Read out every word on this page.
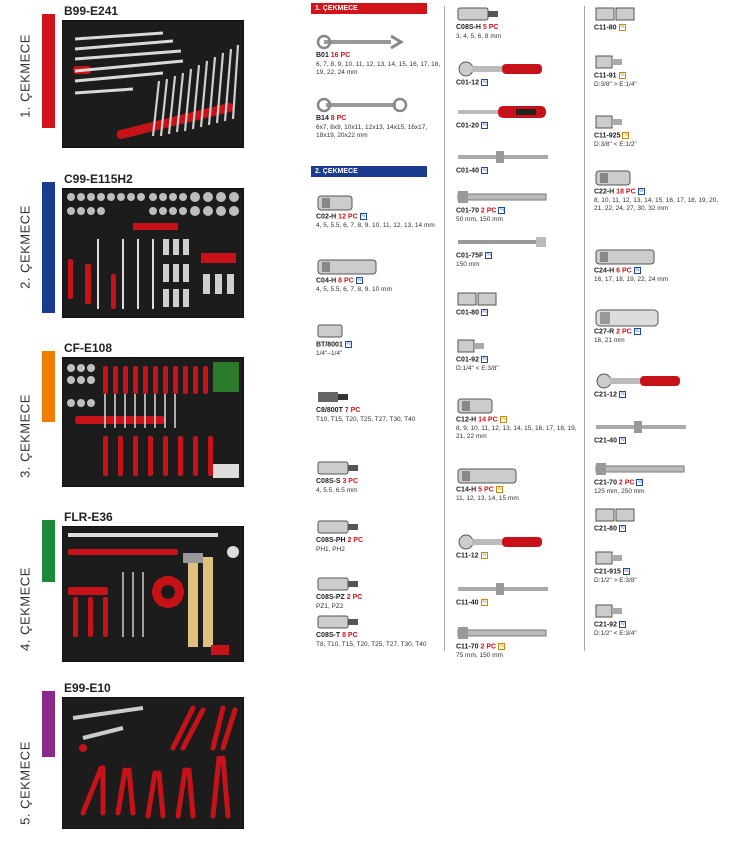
1. ÇEKMECE
B99-E241
2. ÇEKMECE
C99-E115H2
3. ÇEKMECE
CF-E108
4. ÇEKMECE
FLR-E36
5. ÇEKMECE
E99-E10
1. ÇEKMECE
2. ÇEKMECE
B01 16 PC
6, 7, 8, 9, 10, 11, 12, 13, 14, 15, 16, 17, 18, 19, 22, 24 mm
B14 8 PC
6x7, 8x9, 10x11, 12x13, 14x15, 16x17, 18x19, 20x22 mm
C02-H 12 PC ¼
4, 5, 5.5, 6, 7, 8, 9, 10, 11, 12, 13, 14 mm
C04-H 8 PC ¼
4, 5, 5.5, 6, 7, 8, 9, 10 mm
BT/8001 ¼
1/4"–1/4"
C8/800T 7 PC
T10, T15, T20, T25, T27, T30, T40
C08S-S 3 PC
4, 5.5, 6.5 mm
C08S-PH 2 PC
PH1, PH2
C08S-PZ 2 PC
PZ1, PZ2
C08S-T 8 PC
T8, T10, T15, T20, T25, T27, T30, T40
C08S-H 5 PC
3, 4, 5, 6, 8 mm
C01-12 ¼
C01-20 ¼
C01-40 ¼
C01-70 2 PC ¼
50 mm, 150 mm
C01-75F ¼
150 mm
C01-80 ¼
C01-92 ¼
D:1/4" < E:3/8"
C12-H 14 PC ⅜
8, 9, 10, 11, 12, 13, 14, 15, 16, 17, 18, 19, 21, 22 mm
C14-H 5 PC ⅜
11, 12, 13, 14, 15 mm
C11-12 ⅜
C11-40 ⅜
C11-70 2 PC ⅜
75 mm, 150 mm
C11-80 ⅜
C11-91 ⅜
D:3/8" > E:1/4"
C11-925 ⅜
D:3/8" < E:1/2"
C22-H 18 PC ½
8, 10, 11, 12, 13, 14, 15, 16, 17, 18, 19, 20, 21, 22, 24, 27, 30, 32 mm
C24-H 6 PC ½
16, 17, 18, 19, 22, 24 mm
C27-R 2 PC ½
16, 21 mm
C21-12 ½
C21-40 ½
C21-70 2 PC ½
125 mm, 250 mm
C21-80 ½
C21-915 ½
D:1/2" > E:3/8"
C21-92 ½
D:1/2" < E:3/4"
